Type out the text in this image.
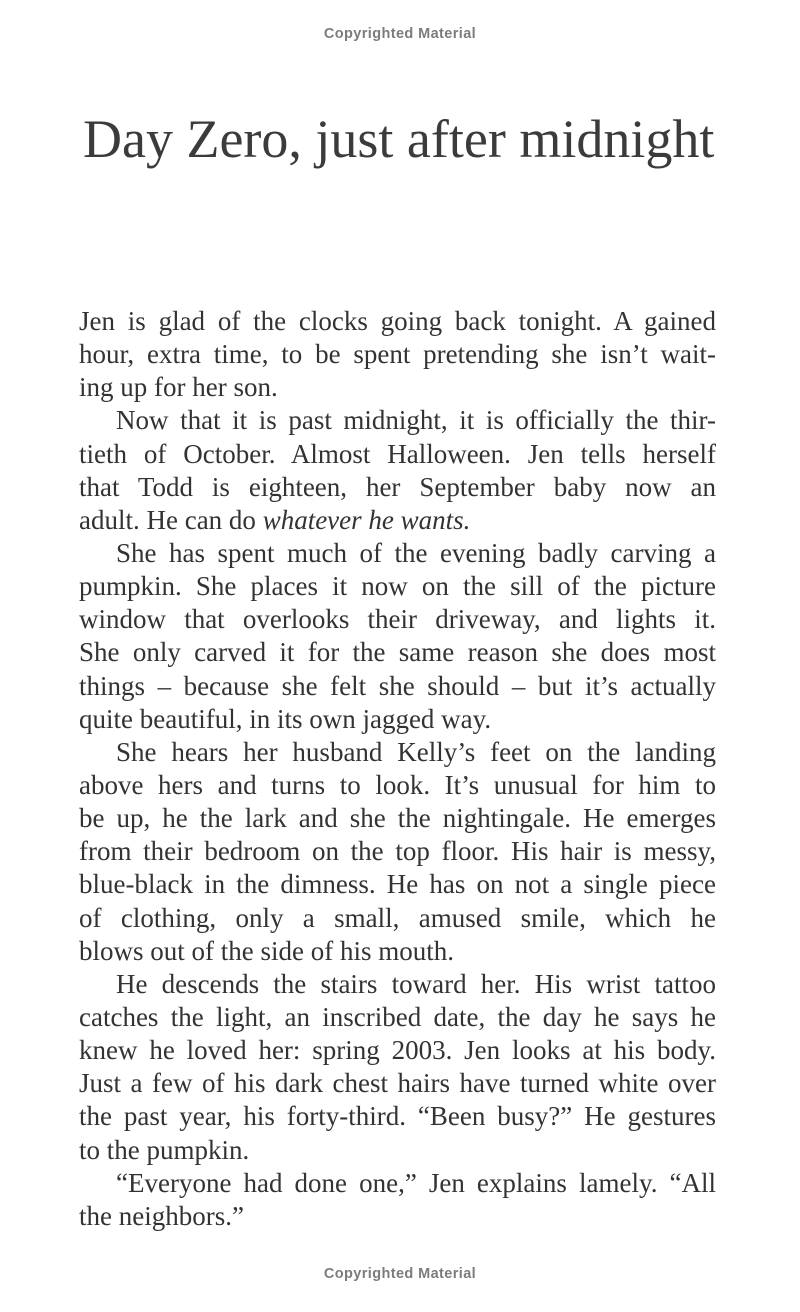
Copyrighted Material
Day Zero, just after midnight
Jen is glad of the clocks going back tonight. A gained
hour, extra time, to be spent pretending she isn’t wait-
ing up for her son.
Now that it is past midnight, it is officially the thir-
tieth of October. Almost Halloween. Jen tells herself
that Todd is eighteen, her September baby now an
adult. He can do whatever he wants.
She has spent much of the evening badly carving a
pumpkin. She places it now on the sill of the picture
window that overlooks their driveway, and lights it.
She only carved it for the same reason she does most
things – because she felt she should – but it’s actually
quite beautiful, in its own jagged way.
She hears her husband Kelly’s feet on the landing
above hers and turns to look. It’s unusual for him to
be up, he the lark and she the nightingale. He emerges
from their bedroom on the top floor. His hair is messy,
blue-black in the dimness. He has on not a single piece
of clothing, only a small, amused smile, which he
blows out of the side of his mouth.
He descends the stairs toward her. His wrist tattoo
catches the light, an inscribed date, the day he says he
knew he loved her: spring 2003. Jen looks at his body.
Just a few of his dark chest hairs have turned white over
the past year, his forty-third. “Been busy?” He gestures
to the pumpkin.
“Everyone had done one,” Jen explains lamely. “All
the neighbors.”
Copyrighted Material
